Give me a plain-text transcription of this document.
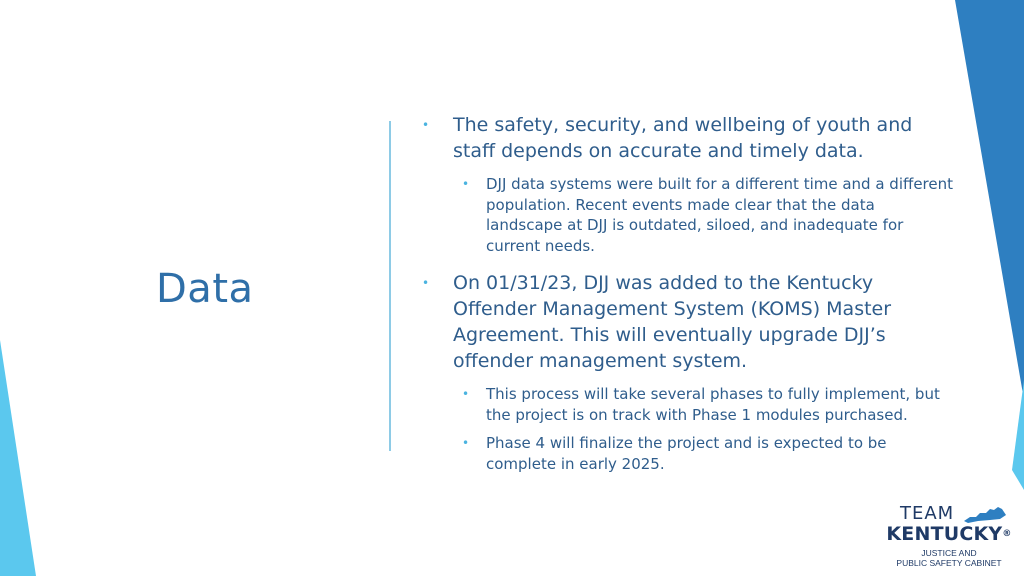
Data

• The safety, security, and wellbeing of youth and staff depends on accurate and timely data.

• DJJ data systems were built for a different time and a different population. Recent events made clear that the data landscape at DJJ is outdated, siloed, and inadequate for current needs.

• On 01/31/23, DJJ was added to the Kentucky Offender Management System (KOMS) Master Agreement. This will eventually upgrade DJJ’s offender management system.

• This process will take several phases to fully implement, but the project is on track with Phase 1 modules purchased.

• Phase 4 will finalize the project and is expected to be complete in early 2025.

TEAM
KENTUCKY®
JUSTICE AND
PUBLIC SAFETY CABINET
